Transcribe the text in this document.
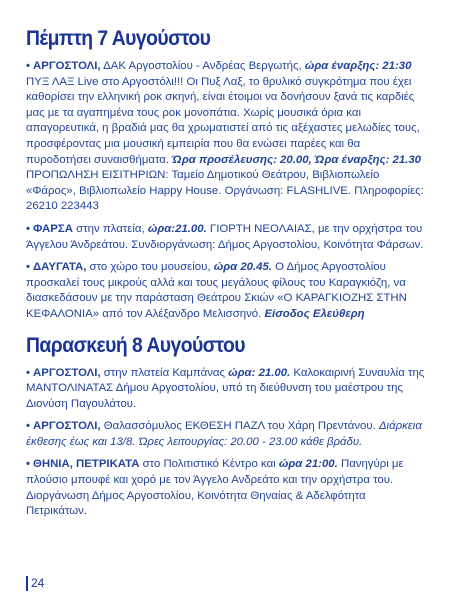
Πέμπτη 7 Αυγούστου

• ΑΡΓΟΣΤΟΛΙ, ΔΑΚ Αργοστολίου - Ανδρέας Βεργωτής, ώρα έναρξης: 21:30 ΠΥΞ ΛΑΞ Live στο Αργοστόλι!!! Οι Πυξ Λαξ, το θρυλικό συγκρότημα που έχει καθορίσει την ελληνική ροκ σκηνή, είναι έτοιμοι να δονήσουν ξανά τις καρδιές μας με τα αγαπημένα τους ροκ μονοπάτια. Χωρίς μουσικά όρια και απαγορευτικά, η βραδιά μας θα χρωματιστεί από τις αξέχαστες μελωδίες τους, προσφέροντας μια μουσική εμπειρία που θα ενώσει παρέες και θα πυροδοτήσει συναισθήματα. Ώρα προσέλευσης: 20.00, Ώρα έναρξης: 21.30 ΠΡΟΠΩΛΗΣΗ ΕΙΣΙΤΗΡΙΩΝ: Ταμείο Δημοτικού Θεάτρου, Βιβλιοπωλείο «Φάρος», Βιβλιοπωλείο Happy House. Οργάνωση: FLASHLIVE. Πληροφορίες: 26210 223443

• ΦΑΡΣΑ στην πλατεία, ώρα:21.00. ΓΙΟΡΤΗ ΝΕΟΛΑΙΑΣ, με την ορχήστρα του Άγγελου Άνδρεάτου. Συνδιοργάνωση: Δήμος Αργοστολίου, Κοινότητα Φάρσων.

• ΔΑΥΓΑΤΑ, στο χώρο του μουσείου, ώρα 20.45. Ο Δήμος Αργοστολίου προσκαλεί τους μικρούς αλλά και τους μεγάλους φίλους του Καραγκιόζη, να διασκεδάσουν με την παράσταση Θεάτρου Σκιών «Ο ΚΑΡΑΓΚΙΟΖΗΣ ΣΤΗΝ ΚΕΦΑΛΟΝΙΑ» από τον Αλέξανδρο Μελισσηνό. Είσοδος Ελεύθερη

Παρασκευή 8 Αυγούστου

• ΑΡΓΟΣΤΟΛΙ, στην πλατεία Καμπάνας ώρα: 21.00. Καλοκαιρινή Συναυλία της ΜΑΝΤΟΛΙΝΑΤΑΣ Δήμου Αργοστολίου, υπό τη διεύθυνση του μαέστρου της Διονύση Παγουλάτου.

• ΑΡΓΟΣΤΟΛΙ, Θαλασσόμυλος ΕΚΘΕΣΗ ΠΑΖΛ του Χάρη Πρεντάνου. Διάρκεια έκθεσης έως και 13/8. Ώρες λειτουργίας: 20.00 - 23.00 κάθε βράδυ.

• ΘΗΝΙΑ, ΠΕΤΡΙΚΑΤΑ στο Πολιτιστικό Κέντρο και ώρα 21:00. Πανηγύρι με πλούσιο μπουφέ και χορό με τον Άγγελο Ανδρεάτο και την ορχήστρα του. Διοργάνωση Δήμος Αργοστολίου, Κοινότητα Θηναίας & Αδελφότητα Πετρικάτων.

24
